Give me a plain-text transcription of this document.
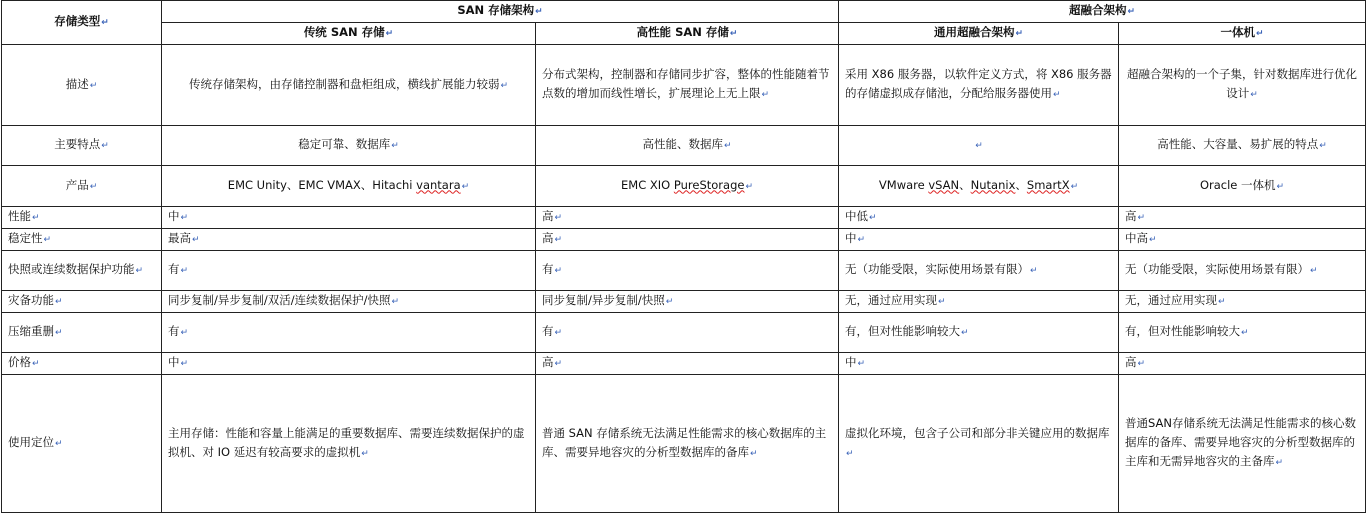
存储类型↵	SAN 存储架构↵		超融合架构↵	
	传统 SAN 存储↵	高性能 SAN 存储↵	通用超融合架构↵	一体机↵
描述↵	传统存储架构，由存储控制器和盘柜组成，横线扩展能力较弱↵	分布式架构，控制器和存储同步扩容，整体的性能随着节点数的增加而线性增长，扩展理论上无上限↵	采用 X86 服务器，以软件定义方式，将 X86 服务器的存储虚拟成存储池，分配给服务器使用↵	超融合架构的一个子集，针对数据库进行优化设计↵
主要特点↵	稳定可靠、数据库↵	高性能、数据库↵	↵	高性能、大容量、易扩展的特点↵
产品↵	EMC Unity、EMC VMAX、Hitachi vantara↵	EMC XIO PureStorage↵	VMware vSAN、Nutanix、SmartX↵	Oracle 一体机↵
性能↵	中↵	高↵	中低↵	高↵
稳定性↵	最高↵	高↵	中↵	中高↵
快照或连续数据保护功能↵	有↵	有↵	无（功能受限，实际使用场景有限）↵	无（功能受限，实际使用场景有限）↵
灾备功能↵	同步复制/异步复制/双活/连续数据保护/快照↵	同步复制/异步复制/快照↵	无，通过应用实现↵	无，通过应用实现↵
压缩重删↵	有↵	有↵	有，但对性能影响较大↵	有，但对性能影响较大↵
价格↵	中↵	高↵	中↵	高↵
使用定位↵	主用存储：性能和容量上能满足的重要数据库、需要连续数据保护的虚拟机、对 IO 延迟有较高要求的虚拟机↵	普通 SAN 存储系统无法满足性能需求的核心数据库的主库、需要异地容灾的分析型数据库的备库↵	虚拟化环境，包含子公司和部分非关键应用的数据库↵	普通SAN存储系统无法满足性能需求的核心数据库的备库、需要异地容灾的分析型数据库的主库和无需异地容灾的主备库↵
